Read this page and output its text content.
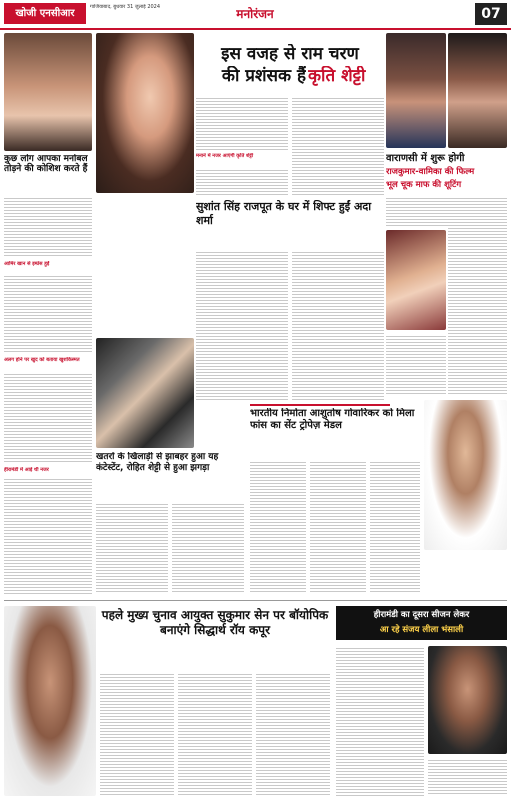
खोजी एनसीआर
गाजियाबाद, बुधवार 31 जुलाई 2024	मनोरंजन	07
कुछ लोग आपका मनोबल तोड़ने की कोशिश करते हैं
आमिर खान से इम्प्रेस हुईं
अलग होने पर खुद को बताया खुशकिस्मत
हीरामंडी में आई थी नजर
इस वजह से राम चरण
की प्रशंसक हैं कृति शेट्टी
मनाने में नजर आएंगी कृति शेट्टी	वाराणसी में शुरू होगी
राजकुमार-वामिका की फिल्म
भूल चूक माफ की शूटिंग
सुशांत सिंह राजपूत के घर में शिफ्ट हुईं अदा शर्मा
खतरों के खिलाड़ी से झाबहर हुआ यह कंटेस्टेंट, रोहित शेट्टी से हुआ झगड़ा
भारतीय निर्माता आशुतोष गोवारिकर को मिला फांस का सेंट ट्रोपेज़ मेडल
पहले मुख्य चुनाव आयुक्त सुकुमार सेन पर बॉयोपिक बनाएंगे सिद्धार्थ रॉय कपूर
हीरामंडी का दूसरा सीजन लेकर
आ रहे संजय लीला भंसाली
